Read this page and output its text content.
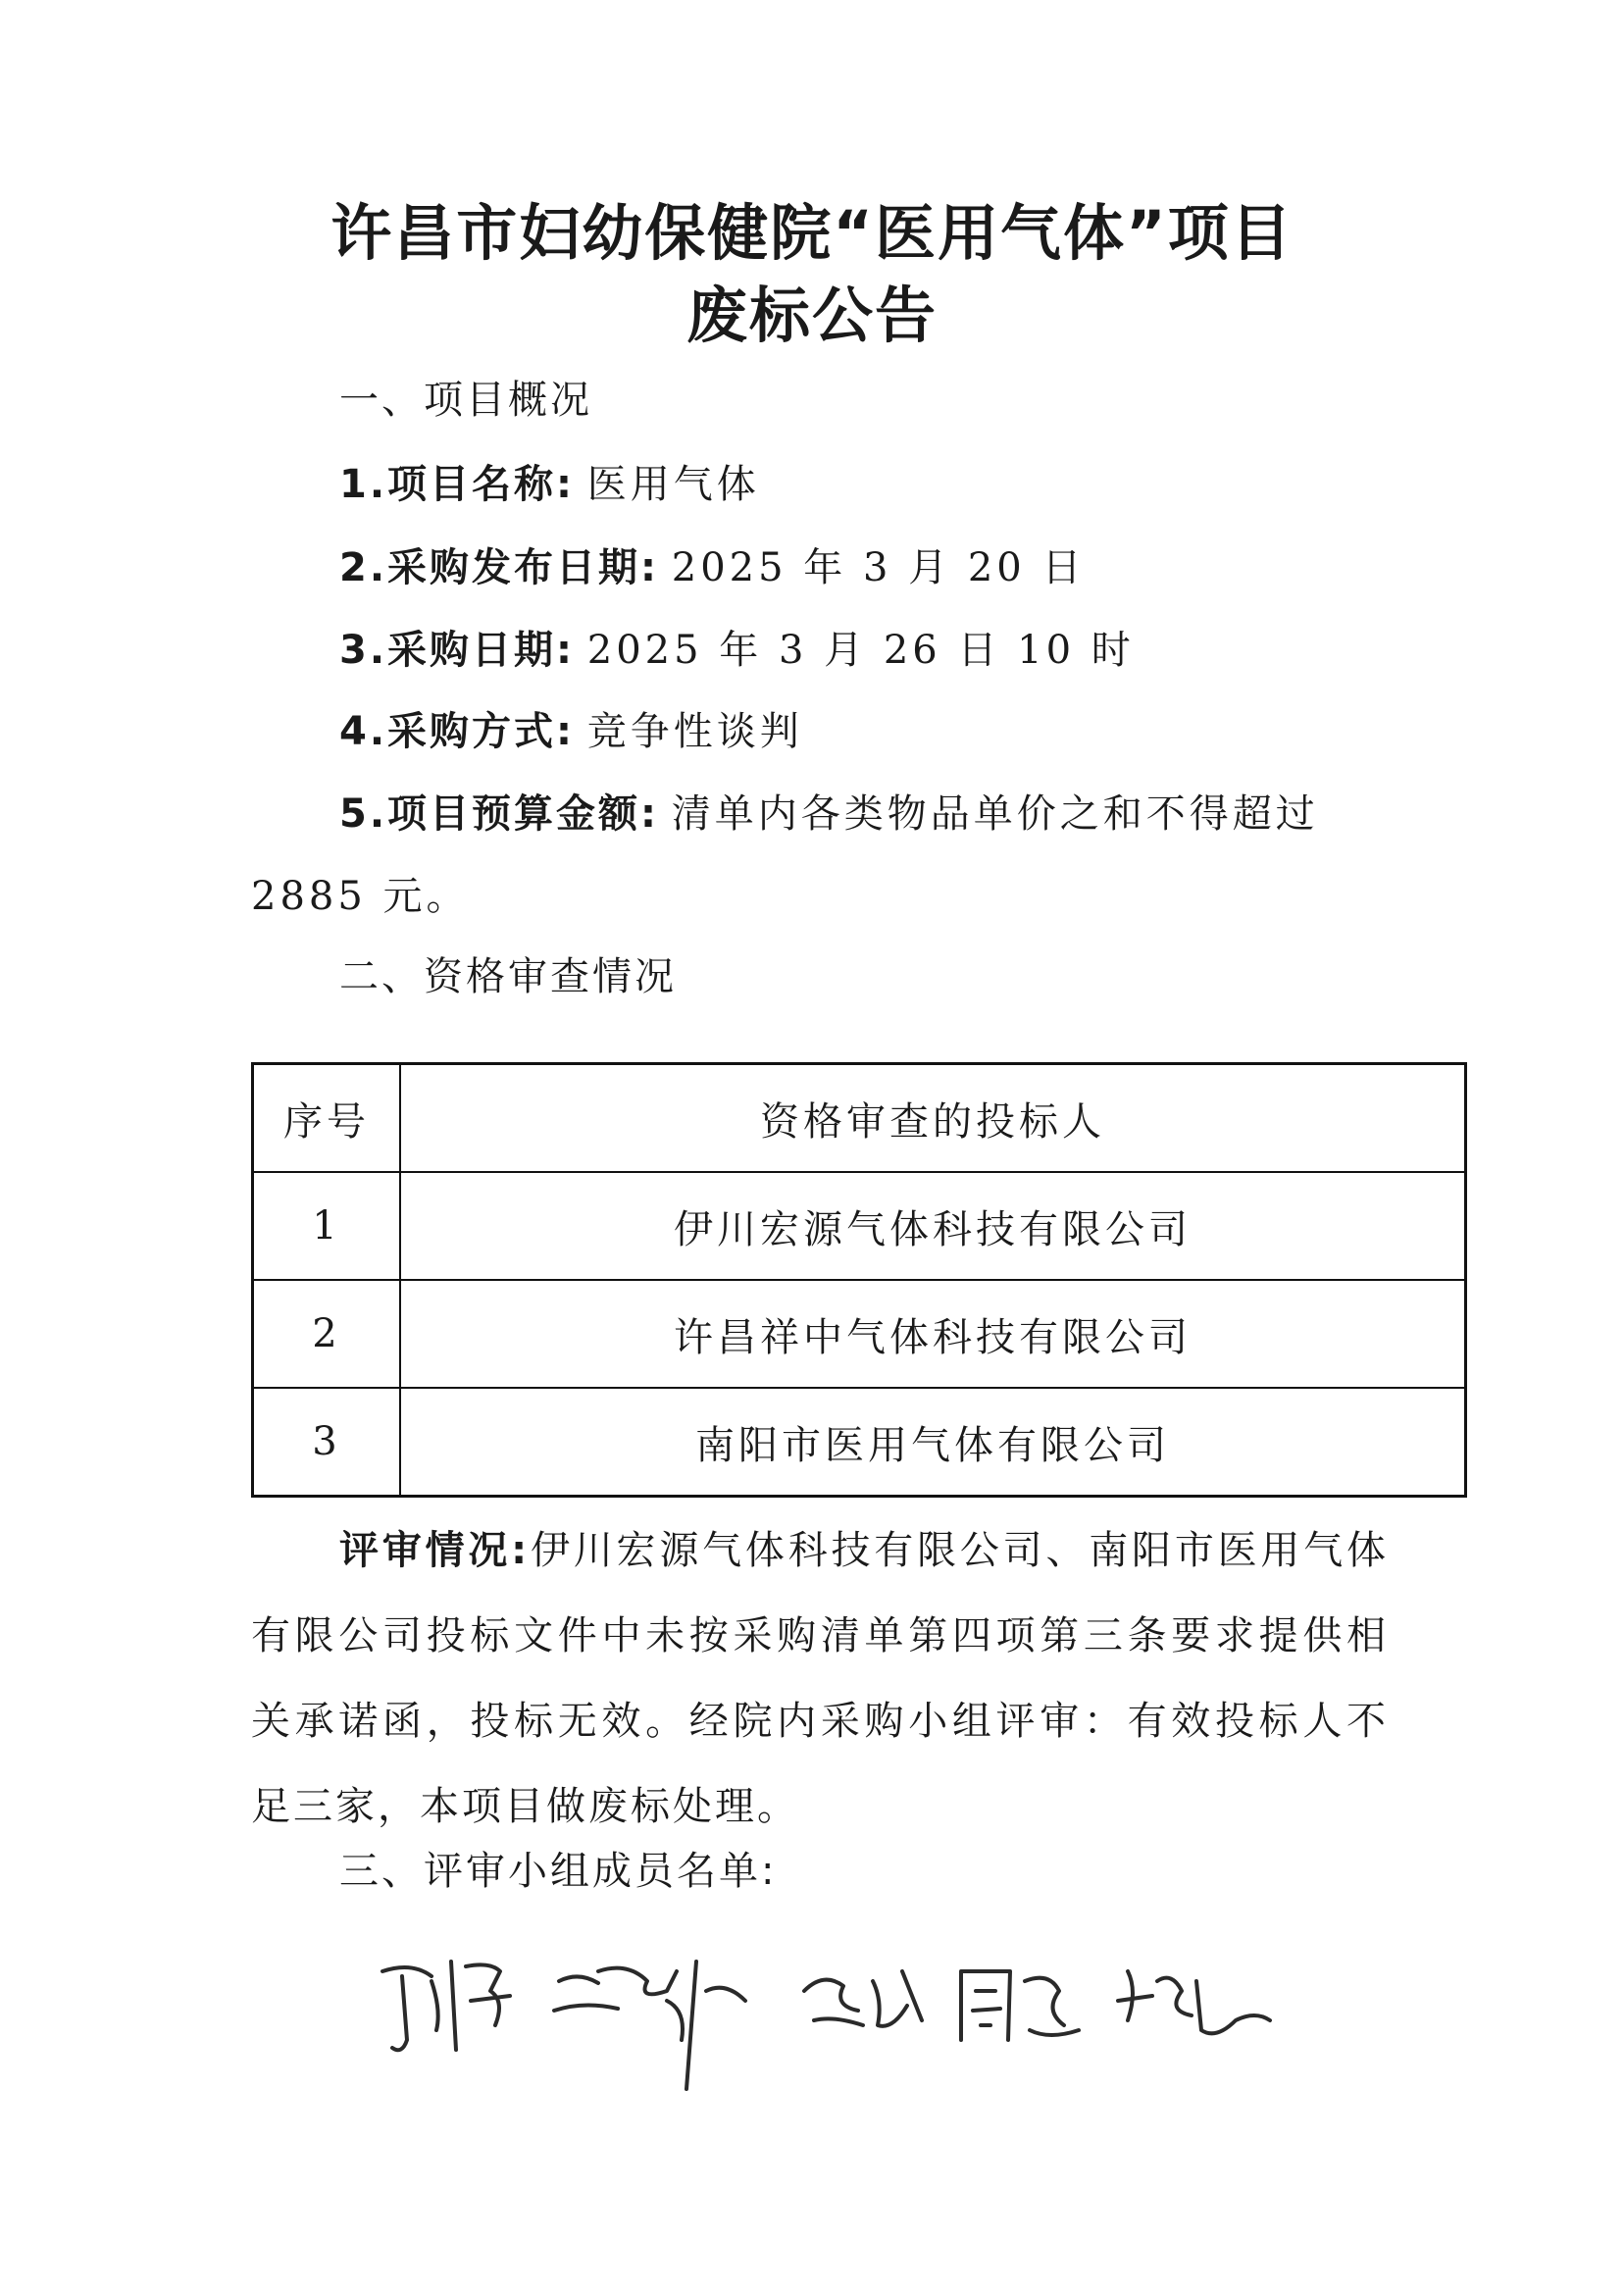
许昌市妇幼保健院“医用气体”项目
废标公告
一、项目概况
1.项目名称: 医用气体
2.采购发布日期: 2025 年 3 月 20 日
3.采购日期: 2025 年 3 月 26 日 10 时
4.采购方式: 竞争性谈判
5.项目预算金额: 清单内各类物品单价之和不得超过
2885 元。
二、资格审查情况
序号	资格审查的投标人
1	伊川宏源气体科技有限公司
2	许昌祥中气体科技有限公司
3	南阳市医用气体有限公司
评审情况:伊川宏源气体科技有限公司、南阳市医用气体有限公司投标文件中未按采购清单第四项第三条要求提供相关承诺函，投标无效。经院内采购小组评审：有效投标人不足三家，本项目做废标处理。
三、评审小组成员名单:
